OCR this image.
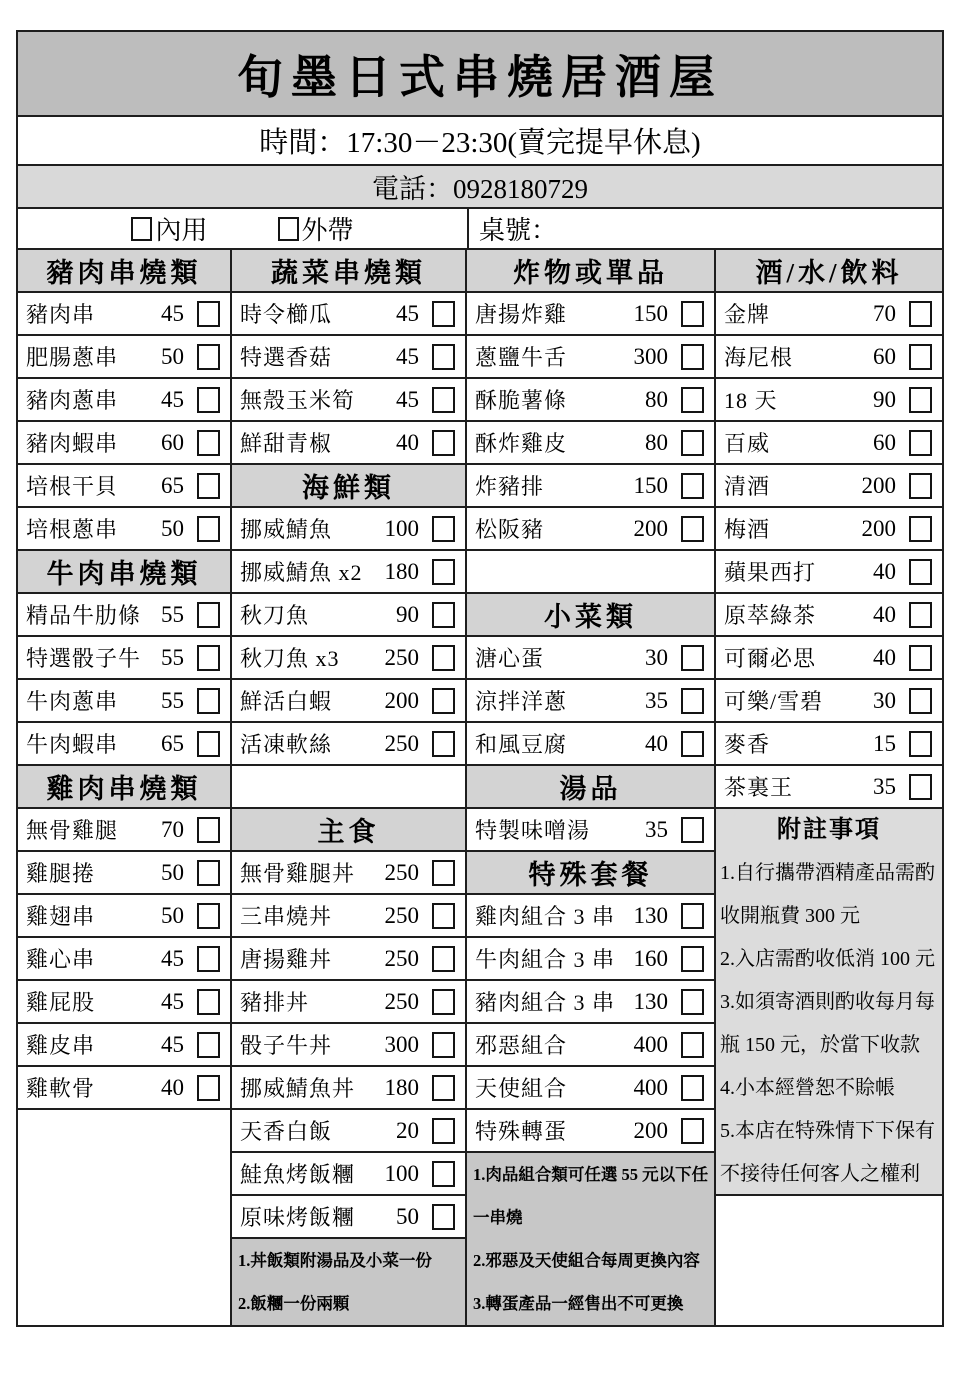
旬墨日式串燒居酒屋
時間：17:30－23:30(賣完提早休息)
電話：0928180729
內用	外帶	桌號：
豬肉串燒類
豬肉串	45
肥腸蔥串 50
豬肉蔥串 45
豬肉蝦串 60
培根干貝 65
培根蔥串 50
牛肉串燒類
精品牛肋條 55
特選骰子牛 55
牛肉蔥串 55
牛肉蝦串 65
雞肉串燒類
無骨雞腿 70
雞腿捲	50
雞翅串	50
雞心串	45
雞屁股	45
雞皮串	45
雞軟骨	40
蔬菜串燒類
時令櫛瓜	45
特選香菇	45
無殼玉米筍 45
鮮甜青椒	40
海鮮類
挪威鯖魚 100
挪威鯖魚 x2 180
秋刀魚	90
秋刀魚 x3 250
鮮活白蝦 200
活凍軟絲 250
主食
無骨雞腿丼 250
三串燒丼 250
唐揚雞丼 250
豬排丼	250
骰子牛丼 300
挪威鯖魚丼 180
天香白飯	20
鮭魚烤飯糰 100
原味烤飯糰 50
1.丼飯類附湯品及小菜一份
2.飯糰一份兩顆
炸物或單品
唐揚炸雞	150
蔥鹽牛舌	300
酥脆薯條	80
酥炸雞皮	80
炸豬排	150
松阪豬	200
小菜類
溏心蛋	30
涼拌洋蔥	35
和風豆腐	40
湯品
特製味噌湯 35
特殊套餐
雞肉組合 3 串 130
牛肉組合 3 串 160
豬肉組合 3 串 130
邪惡組合	400
天使組合	400
特殊轉蛋	200
1.肉品組合類可任選 55 元以下任
一串燒
2.邪惡及天使組合每周更換內容
3.轉蛋產品一經售出不可更換
酒/水/飲料
金牌	70
海尼根	60
18 天	90
百威	60
清酒	200
梅酒	200
蘋果西打 40
原萃綠茶 40
可爾必思 40
可樂/雪碧 30
麥香	15
茶裏王	35
附註事項
1.自行攜帶酒精產品需酌
收開瓶費 300 元
2.入店需酌收低消 100 元
3.如須寄酒則酌收每月每
瓶 150 元，於當下收款
4.小本經營恕不賒帳
5.本店在特殊情下下保有
不接待任何客人之權利
